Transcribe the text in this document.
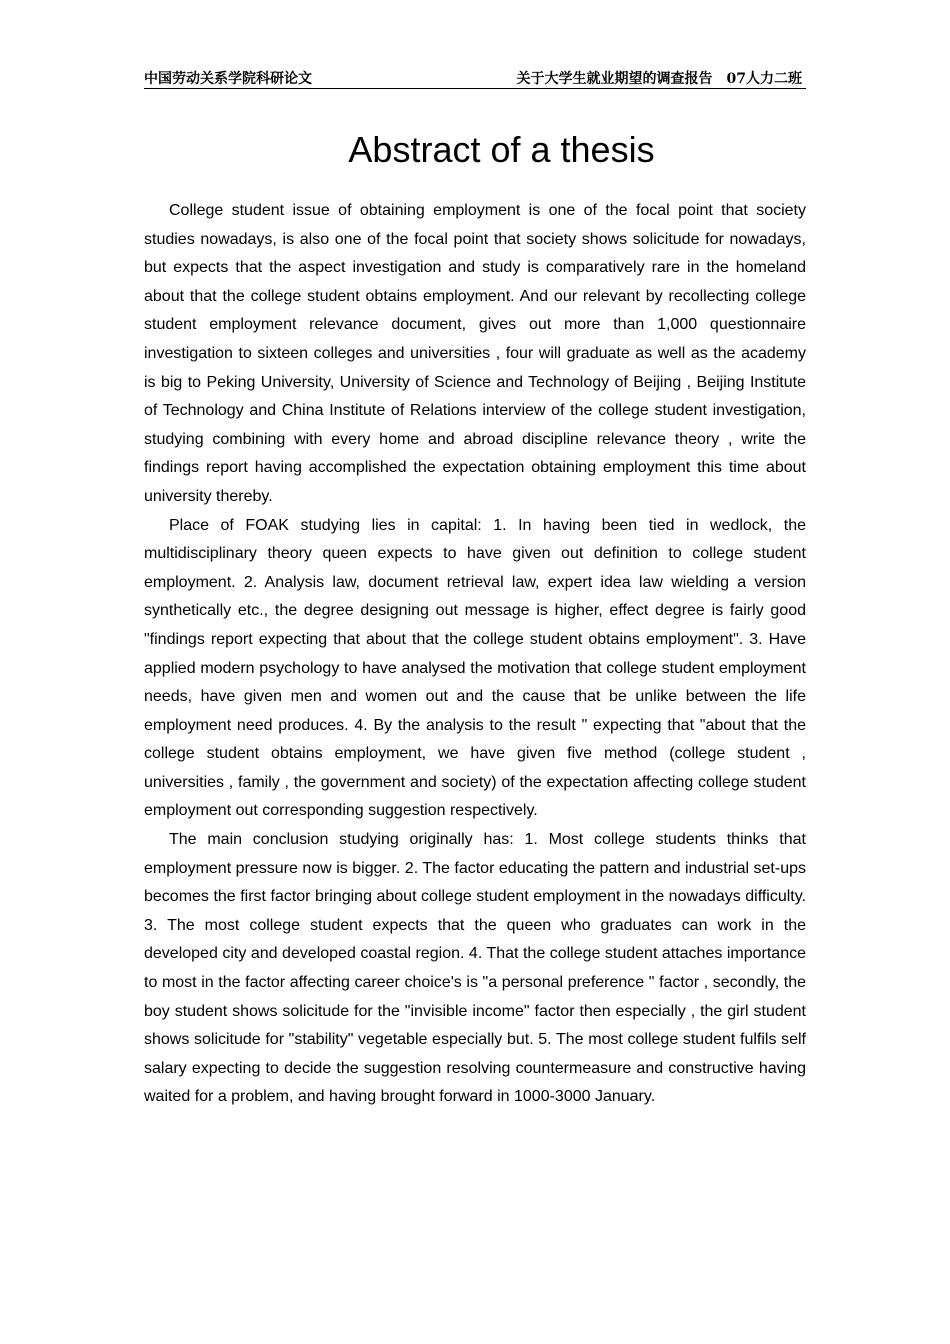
中国劳动关系学院科研论文	关于大学生就业期望的调查报告 07人力二班
Abstract of a thesis

College student issue of obtaining employment is one of the focal point that society studies nowadays, is also one of the focal point that society shows solicitude for nowadays, but expects that the aspect investigation and study is comparatively rare in the homeland about that the college student obtains employment. And our relevant by recollecting college student employment relevance document, gives out more than 1,000 questionnaire investigation to sixteen colleges and universities , four will graduate as well as the academy is big to Peking University, University of Science and Technology of Beijing , Beijing Institute of Technology and China Institute of Relations interview of the college student investigation, studying combining with every home and abroad discipline relevance theory , write the findings report having accomplished the expectation obtaining employment this time about university thereby.

Place of FOAK studying lies in capital: 1. In having been tied in wedlock, the multidisciplinary theory queen expects to have given out definition to college student employment. 2. Analysis law, document retrieval law, expert idea law wielding a version synthetically etc., the degree designing out message is higher, effect degree is fairly good "findings report expecting that about that the college student obtains employment". 3. Have applied modern psychology to have analysed the motivation that college student employment needs, have given men and women out and the cause that be unlike between the life employment need produces. 4. By the analysis to the result " expecting that "about that the college student obtains employment, we have given five method (college student , universities , family , the government and society) of the expectation affecting college student employment out corresponding suggestion respectively.

The main conclusion studying originally has: 1. Most college students thinks that employment pressure now is bigger. 2. The factor educating the pattern and industrial set-ups becomes the first factor bringing about college student employment in the nowadays difficulty. 3. The most college student expects that the queen who graduates can work in the developed city and developed coastal region. 4. That the college student attaches importance to most in the factor affecting career choice's is "a personal preference " factor , secondly, the boy student shows solicitude for the "invisible income" factor then especially , the girl student shows solicitude for "stability" vegetable especially but. 5. The most college student fulfils self salary expecting to decide the suggestion resolving countermeasure and constructive having waited for a problem, and having brought forward in 1000-3000 January.
